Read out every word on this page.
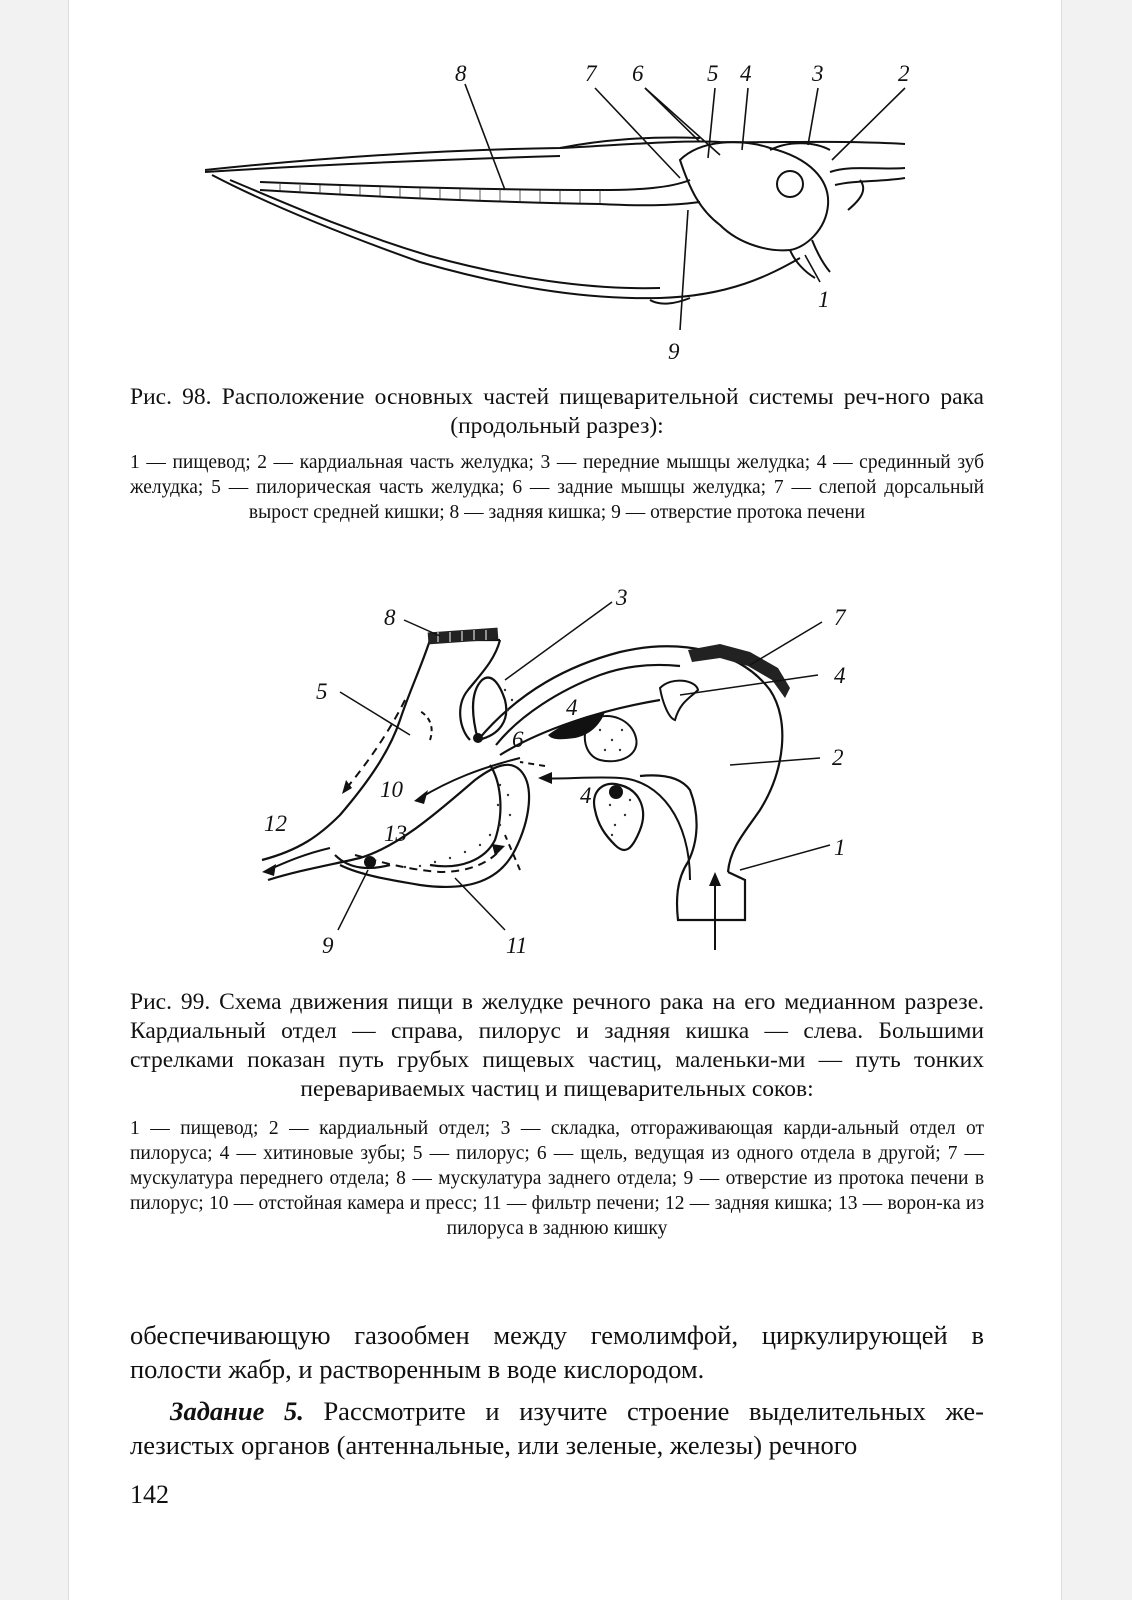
8	7 6	5 4	3	2
1
9
Рис. 98. Расположение основных частей пищеварительной системы реч-ного рака (продольный разрез):
1 — пищевод; 2 — кардиальная часть желудка; 3 — передние мышцы желудка; 4 — срединный зуб желудка; 5 — пилорическая часть желудка; 6 — задние мышцы желудка; 7 — слепой дорсальный вырост средней кишки; 8 — задняя кишка; 9 — отверстие протока печени
8
3
7
4
5
4
6
2
10	4
12	13
1
9	11
Рис. 99. Схема движения пищи в желудке речного рака на его медианном разрезе. Кардиальный отдел — справа, пилорус и задняя кишка — слева. Большими стрелками показан путь грубых пищевых частиц, маленьки-ми — путь тонких перевариваемых частиц и пищеварительных соков:
1 — пищевод; 2 — кардиальный отдел; 3 — складка, отгораживающая карди-альный отдел от пилоруса; 4 — хитиновые зубы; 5 — пилорус; 6 — щель, ведущая из одного отдела в другой; 7 — мускулатура переднего отдела; 8 — мускулатура заднего отдела; 9 — отверстие из протока печени в пилорус; 10 — отстойная камера и пресс; 11 — фильтр печени; 12 — задняя кишка; 13 — ворон-ка из пилоруса в заднюю кишку
обеспечивающую газообмен между гемолимфой, циркулирующей в полости жабр, и растворенным в воде кислородом.
Задание 5. Рассмотрите и изучите строение выделительных же-лезистых органов (антеннальные, или зеленые, железы) речного
142
